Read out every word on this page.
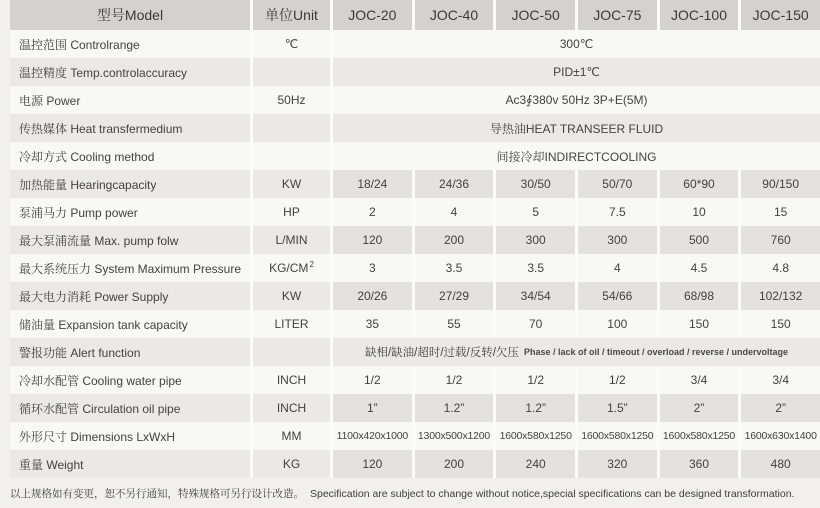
型号Model	单位Unit	JOC-20	JOC-40	JOC-50	JOC-75	JOC-100	JOC-150
温控范围 Controlrange	℃	300℃
温控精度 Temp.controlaccuracy	PID±1℃
电源 Power	50Hz	Ac3∮380v 50Hz 3P+E(5M)
传热媒体 Heat transfermedium	导热油HEAT TRANSEER FLUID
冷却方式 Cooling method	间接冷却INDIRECTCOOLING
加热能量 Hearingcapacity	KW	18/24	24/36	30/50	50/70	60*90	90/150
泵浦马力 Pump power	HP	2	4	5	7.5	10	15
最大泵浦流量 Max. pump folw	L/MIN	120	200	300	300	500	760
最大系统压力 System Maximum Pressure	$KG/CM^2$	3	3.5	3.5	4	4.5	4.8
最大电力消耗 Power Supply	KW	20/26	27/29	34/54	54/66	68/98	102/132
储油量 Expansion tank capacity	LITER	35	55	70	100	150	150
警报功能 Alert function	缺相/缺油/超时/过载/反转/欠压 Phase / lack of oil / timeout / overload / reverse / undervoltage
冷却水配管 Cooling water pipe	INCH	1/2	1/2	1/2	1/2	3/4	3/4
循环水配管 Circulation oil pipe	INCH	1”	1.2”	1.2”	1.5”	2”	2”
外形尺寸 Dimensions LxWxH	MM	1100x420x1000 1300x500x1200 1600x580x1250 1600x580x1250 1600x580x1250 1600x630x1400
重量 Weight	KG	120	200	240	320	360	480
以上规格如有变更，恕不另行通知，特殊规格可另行设计改造。 Specification are subject to change without notice,special specifications can be designed transformation.
